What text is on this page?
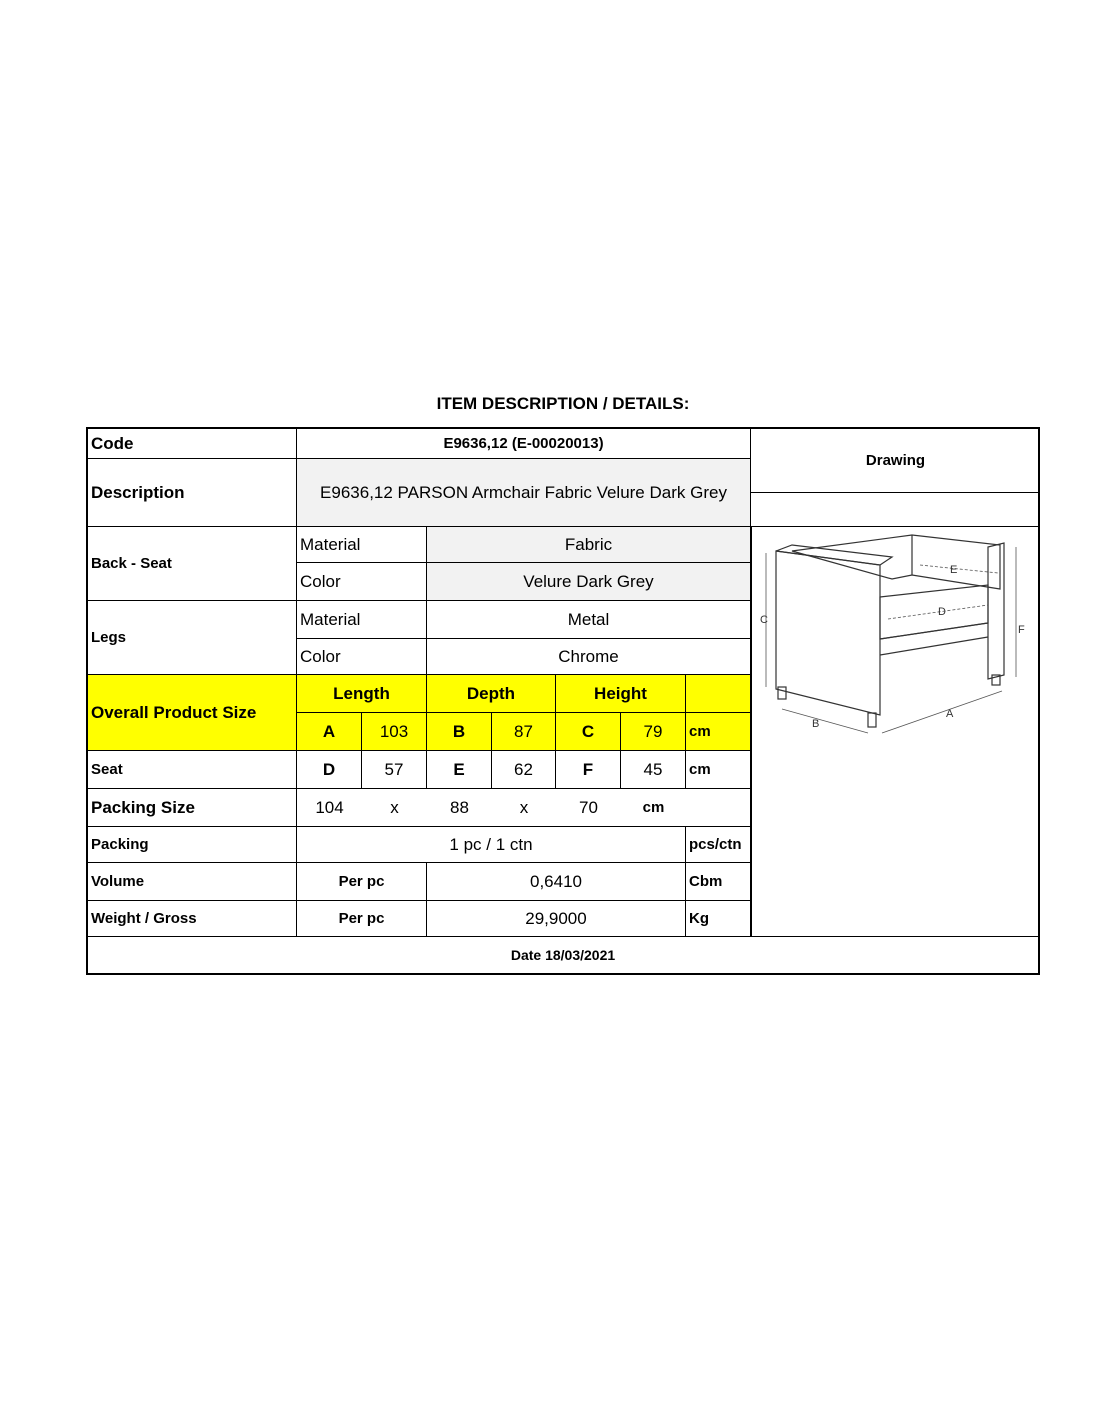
ITEM DESCRIPTION / DETAILS:
Code	E9636,12 (E-00020013)
Drawing
Description	E9636,12 PARSON Armchair Fabric Velure Dark Grey
Back - Seat
Material	Fabric
Color	Velure Dark Grey
Legs
Material	Metal
Color	Chrome
Overall Product Size
Length	Depth	Height
A	103	B	87	C	79	cm
Seat	D	57	E	62	F	45	cm
Packing Size	104	x	88	x	70	cm
Packing	1 pc / 1 ctn	pcs/ctn
Volume	Per pc	0,6410	Cbm
Weight / Gross	Per pc	29,9000	Kg
E
D
C
F
B
A
Date 18/03/2021
